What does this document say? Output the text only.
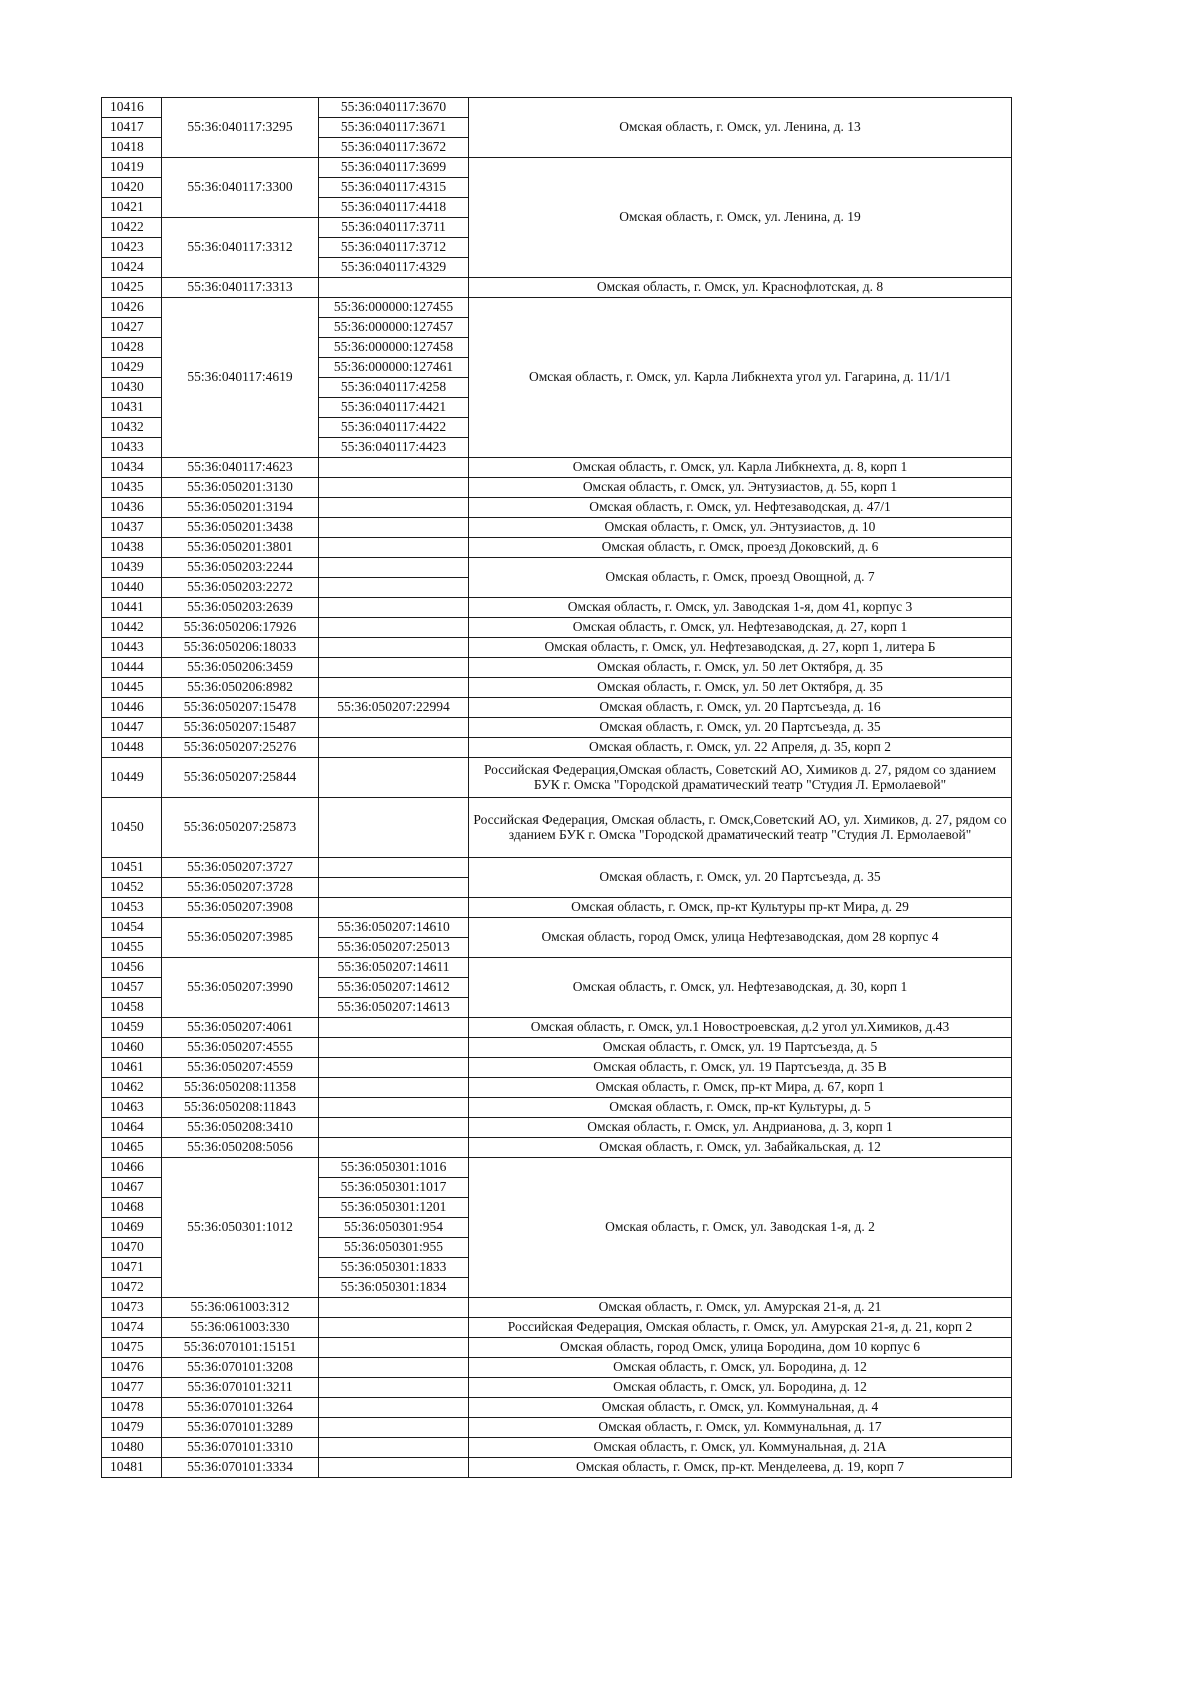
10416	55:36:040117:3295	55:36:040117:3670	Омская область, г. Омск, ул. Ленина, д. 13
10417		55:36:040117:3671	
10418		55:36:040117:3672	
10419	55:36:040117:3300	55:36:040117:3699	Омская область, г. Омск, ул. Ленина, д. 19
10420		55:36:040117:4315	
10421		55:36:040117:4418	
10422	55:36:040117:3312	55:36:040117:3711	
10423		55:36:040117:3712	
10424		55:36:040117:4329	
10425	55:36:040117:3313		Омская область, г. Омск, ул. Краснофлотская, д. 8
10426	55:36:040117:4619	55:36:000000:127455	Омская область, г. Омск, ул. Карла Либкнехта угол ул. Гагарина, д. 11/1/1
10427		55:36:000000:127457	
10428		55:36:000000:127458	
10429		55:36:000000:127461	
10430		55:36:040117:4258	
10431		55:36:040117:4421	
10432		55:36:040117:4422	
10433		55:36:040117:4423	
10434	55:36:040117:4623		Омская область, г. Омск, ул. Карла Либкнехта, д. 8, корп 1
10435	55:36:050201:3130		Омская область, г. Омск, ул. Энтузиастов, д. 55, корп 1
10436	55:36:050201:3194		Омская область, г. Омск, ул. Нефтезаводская, д. 47/1
10437	55:36:050201:3438		Омская область, г. Омск, ул. Энтузиастов, д. 10
10438	55:36:050201:3801		Омская область, г. Омск, проезд Доковский, д. 6
10439	55:36:050203:2244		Омская область, г. Омск, проезд Овощной, д. 7
10440	55:36:050203:2272		
10441	55:36:050203:2639		Омская область, г. Омск, ул. Заводская 1-я, дом 41, корпус 3
10442	55:36:050206:17926		Омская область, г. Омск, ул. Нефтезаводская, д. 27, корп 1
10443	55:36:050206:18033		Омская область, г. Омск, ул. Нефтезаводская, д. 27, корп 1, литера Б
10444	55:36:050206:3459		Омская область, г. Омск, ул. 50 лет Октября, д. 35
10445	55:36:050206:8982		Омская область, г. Омск, ул. 50 лет Октября, д. 35
10446	55:36:050207:15478	55:36:050207:22994	Омская область, г. Омск, ул. 20 Партсъезда, д. 16
10447	55:36:050207:15487		Омская область, г. Омск, ул. 20 Партсъезда, д. 35
10448	55:36:050207:25276		Омская область, г. Омск, ул. 22 Апреля, д. 35, корп 2
10449	55:36:050207:25844		Российская Федерация,Омская область, Советский АО, Химиков д. 27, рядом со зданием БУК г. Омска "Городской драматический театр "Студия Л. Ермолаевой"
10450	55:36:050207:25873		Российская Федерация, Омская область, г. Омск,Советский АО, ул. Химиков, д. 27, рядом со зданием БУК г. Омска "Городской драматический театр "Студия Л. Ермолаевой"
10451	55:36:050207:3727		Омская область, г. Омск, ул. 20 Партсъезда, д. 35
10452	55:36:050207:3728		
10453	55:36:050207:3908		Омская область, г. Омск, пр-кт Культуры пр-кт Мира, д. 29
10454	55:36:050207:3985	55:36:050207:14610	Омская область, город Омск, улица Нефтезаводская, дом 28 корпус 4
10455		55:36:050207:25013	
10456	55:36:050207:3990	55:36:050207:14611	Омская область, г. Омск, ул. Нефтезаводская, д. 30, корп 1
10457		55:36:050207:14612	
10458		55:36:050207:14613	
10459	55:36:050207:4061		Омская область, г. Омск, ул.1 Новостроевская, д.2 угол ул.Химиков, д.43
10460	55:36:050207:4555		Омская область, г. Омск, ул. 19 Партсъезда, д. 5
10461	55:36:050207:4559		Омская область, г. Омск, ул. 19 Партсъезда, д. 35 В
10462	55:36:050208:11358		Омская область, г. Омск, пр-кт Мира, д. 67, корп 1
10463	55:36:050208:11843		Омская область, г. Омск, пр-кт Культуры, д. 5
10464	55:36:050208:3410		Омская область, г. Омск, ул. Андрианова, д. 3, корп 1
10465	55:36:050208:5056		Омская область, г. Омск, ул. Забайкальская, д. 12
10466	55:36:050301:1012	55:36:050301:1016	Омская область, г. Омск, ул. Заводская 1-я, д. 2
10467		55:36:050301:1017	
10468		55:36:050301:1201	
10469		55:36:050301:954	
10470		55:36:050301:955	
10471		55:36:050301:1833	
10472		55:36:050301:1834	
10473	55:36:061003:312		Омская область, г. Омск, ул. Амурская 21-я, д. 21
10474	55:36:061003:330		Российская Федерация, Омская область, г. Омск, ул. Амурская 21-я, д. 21, корп 2
10475	55:36:070101:15151		Омская область, город Омск, улица Бородина, дом 10 корпус 6
10476	55:36:070101:3208		Омская область, г. Омск, ул. Бородина, д. 12
10477	55:36:070101:3211		Омская область, г. Омск, ул. Бородина, д. 12
10478	55:36:070101:3264		Омская область, г. Омск, ул. Коммунальная, д. 4
10479	55:36:070101:3289		Омская область, г. Омск, ул. Коммунальная, д. 17
10480	55:36:070101:3310		Омская область, г. Омск, ул. Коммунальная, д. 21А
10481	55:36:070101:3334		Омская область, г. Омск, пр-кт. Менделеева, д. 19, корп 7
